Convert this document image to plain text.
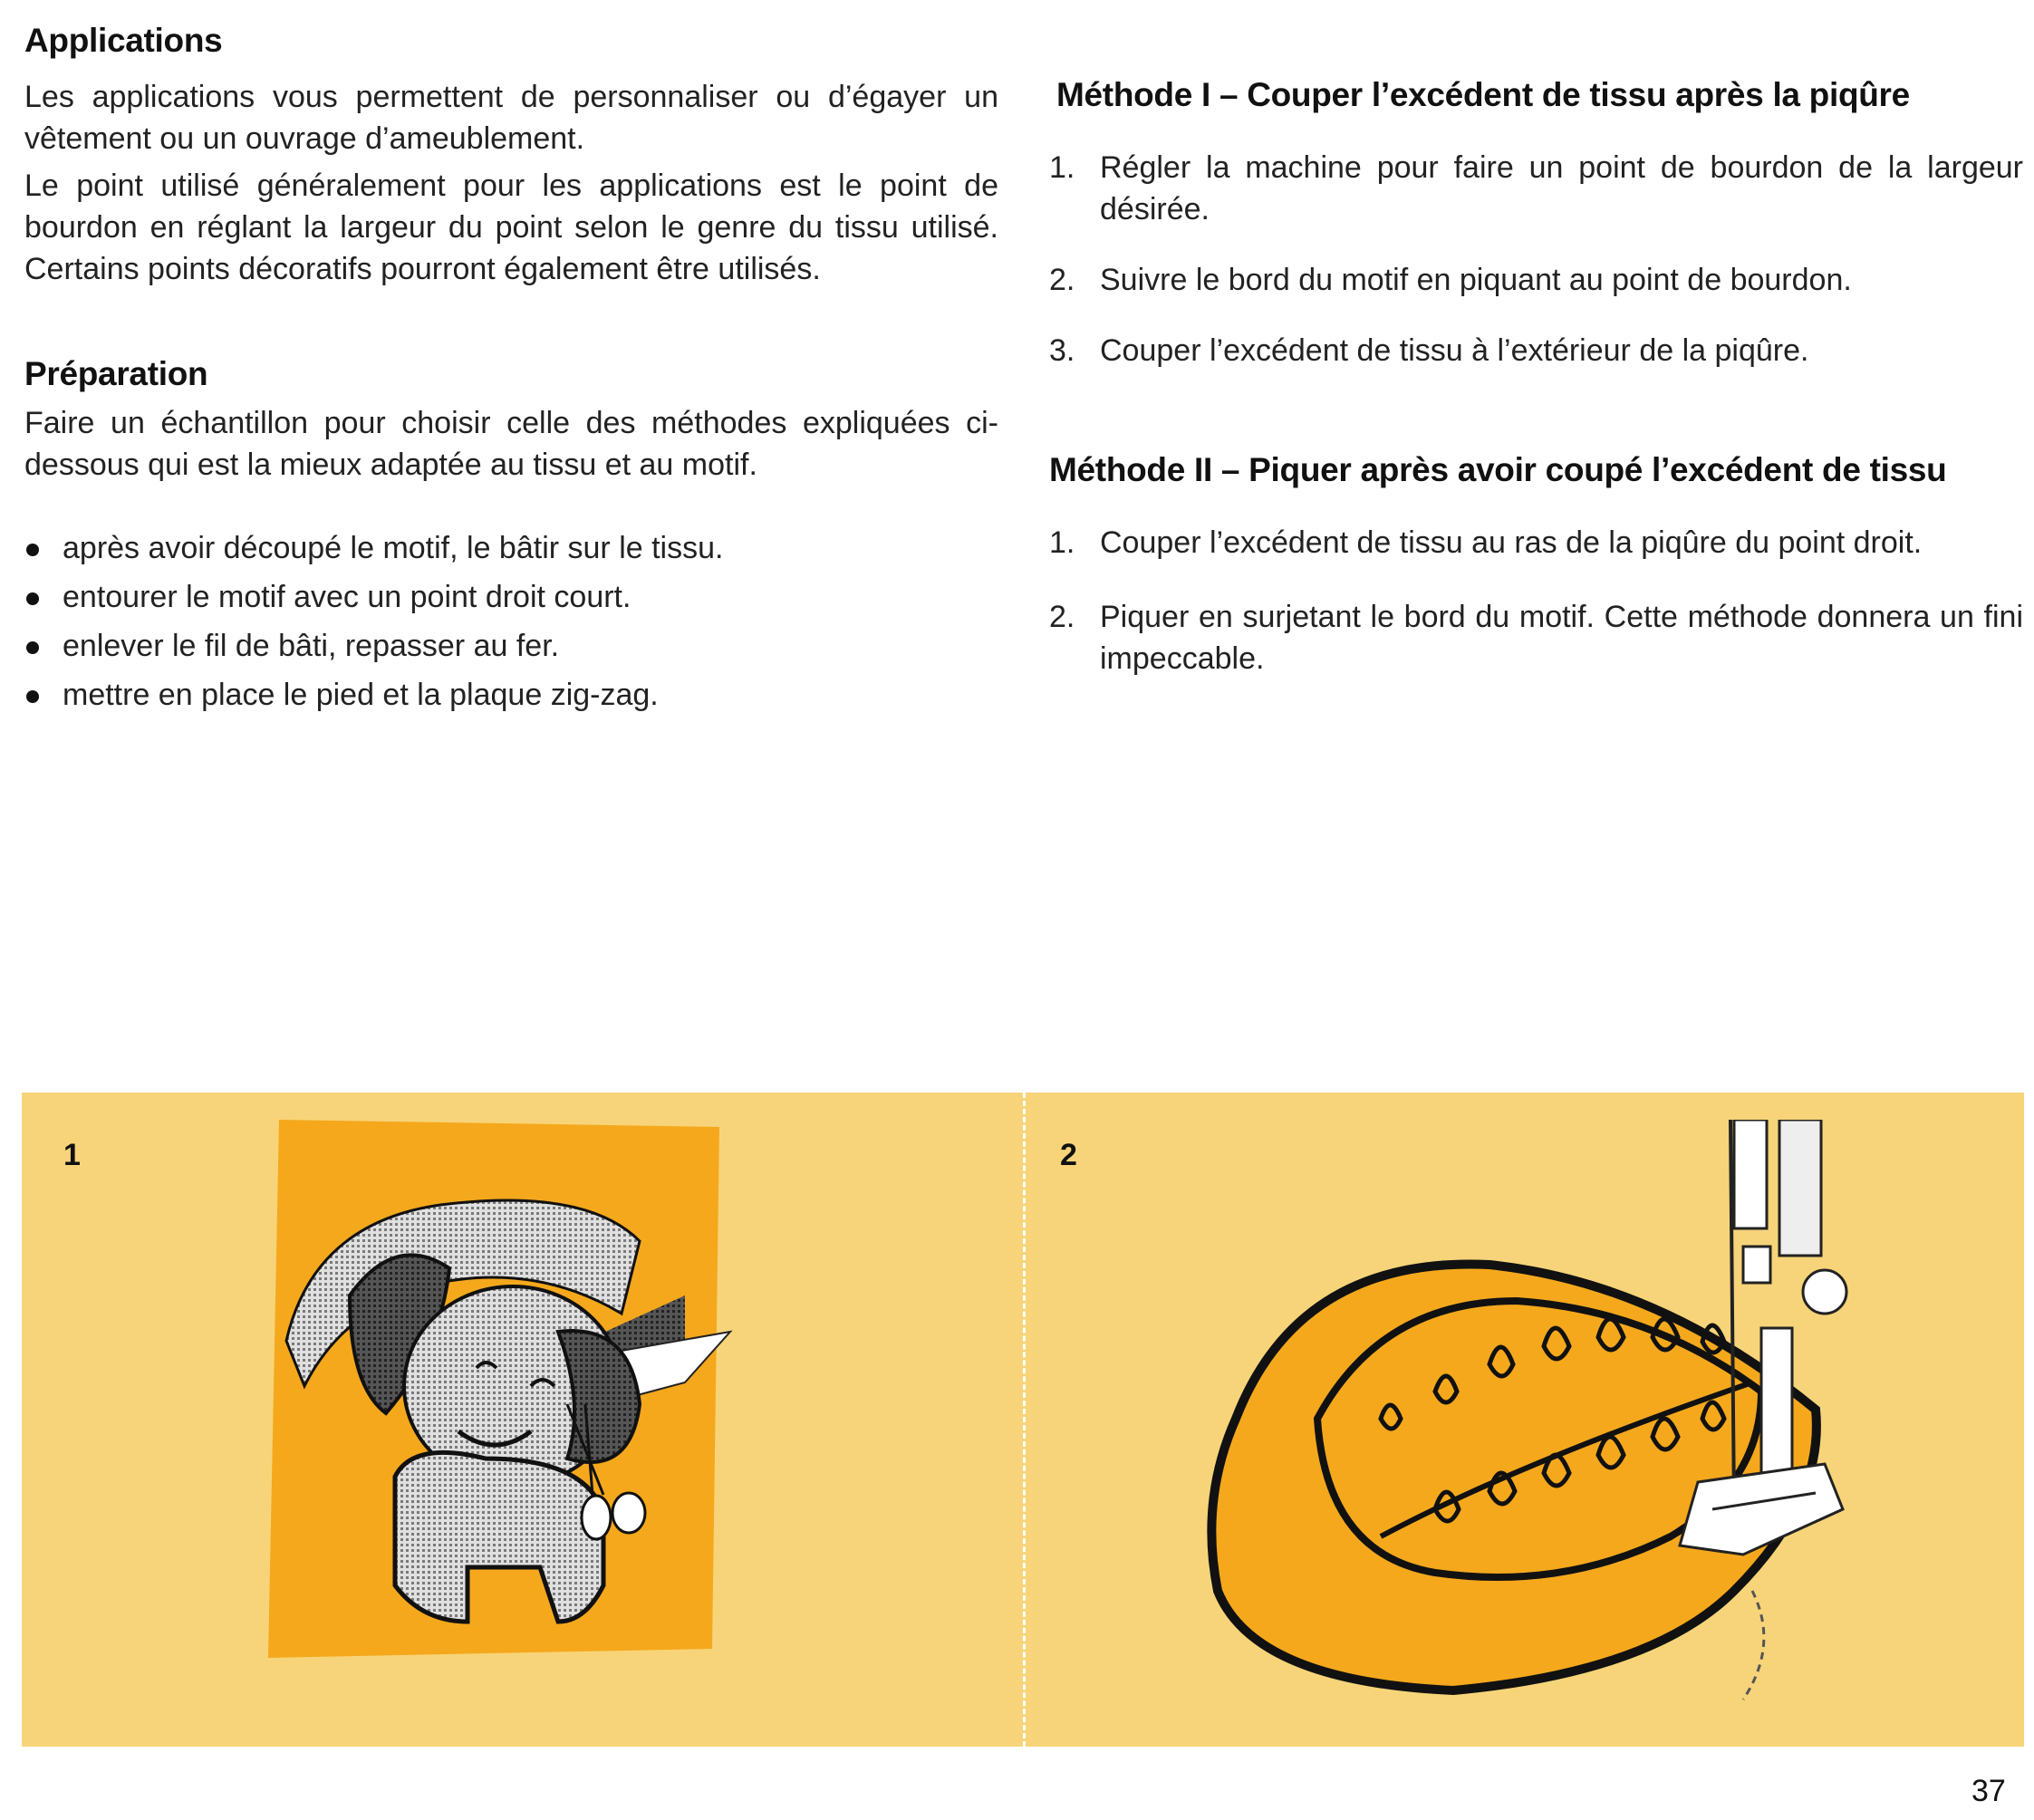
Applications

Les applications vous permettent de personnaliser ou d’égayer un vêtement ou un ouvrage d’ameublement.

Le point utilisé généralement pour les applications est le point de bourdon en réglant la largeur du point selon le genre du tissu utilisé. Certains points décoratifs pourront également être utilisés.

Préparation

Faire un échantillon pour choisir celle des méthodes expliquées ci-dessous qui est la mieux adaptée au tissu et au motif.

après avoir découpé le motif, le bâtir sur le tissu.
entourer le motif avec un point droit court.
enlever le fil de bâti, repasser au fer.
mettre en place le pied et la plaque zig-zag.
Méthode I – Couper l’excédent de tissu après la piqûre
1. Régler la machine pour faire un point de bourdon de la largeur désirée.
2. Suivre le bord du motif en piquant au point de bourdon.
3. Couper l’excédent de tissu à l’extérieur de la piqûre.
Méthode II – Piquer après avoir coupé l’excédent de tissu
1. Couper l’excédent de tissu au ras de la piqûre du point droit.
2. Piquer en surjetant le bord du motif. Cette méthode donnera un fini impeccable.
1	2
37
